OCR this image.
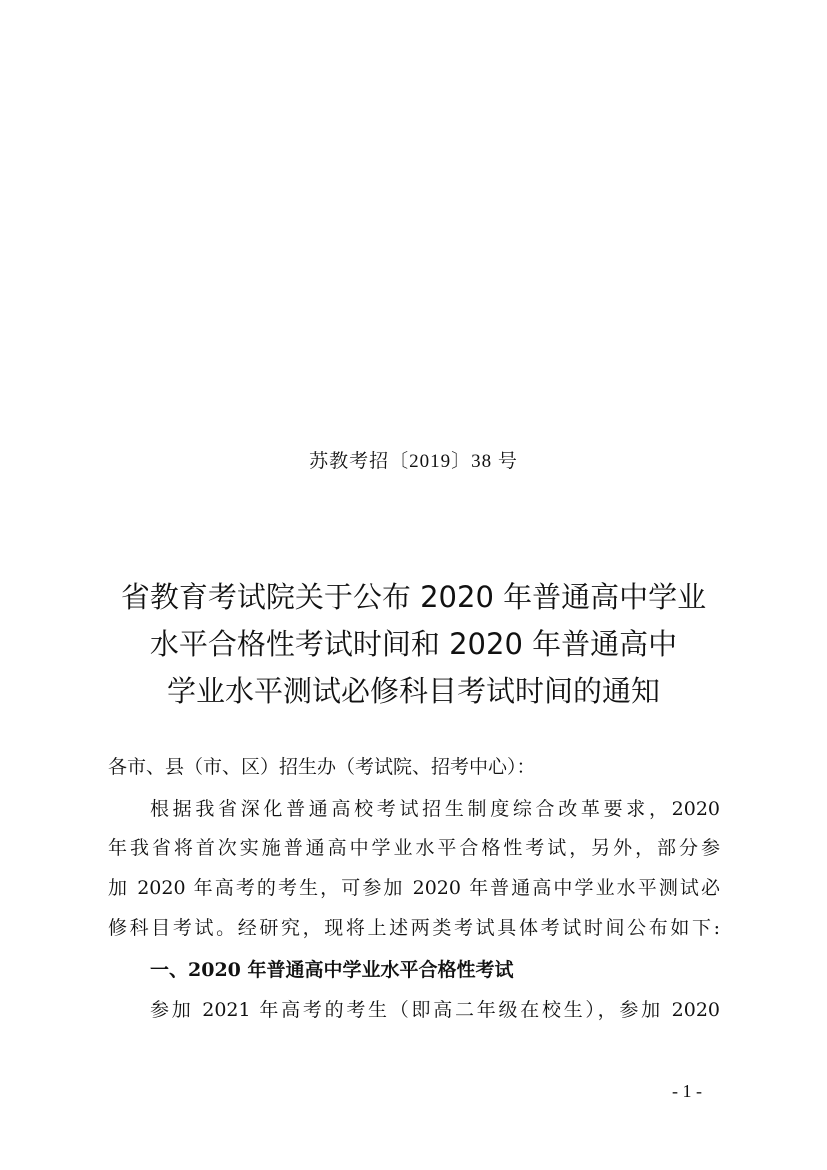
苏教考招〔2019〕38 号
省教育考试院关于公布 2020 年普通高中学业
水平合格性考试时间和 2020 年普通高中
学业水平测试必修科目考试时间的通知
各市、县（市、区）招生办（考试院、招考中心）：
根据我省深化普通高校考试招生制度综合改革要求，2020
年我省将首次实施普通高中学业水平合格性考试，另外，部分参
加 2020 年高考的考生，可参加 2020 年普通高中学业水平测试必
修科目考试。经研究，现将上述两类考试具体考试时间公布如下:
一、2020 年普通高中学业水平合格性考试
参加 2021 年高考的考生（即高二年级在校生），参加 2020
- 1 -
